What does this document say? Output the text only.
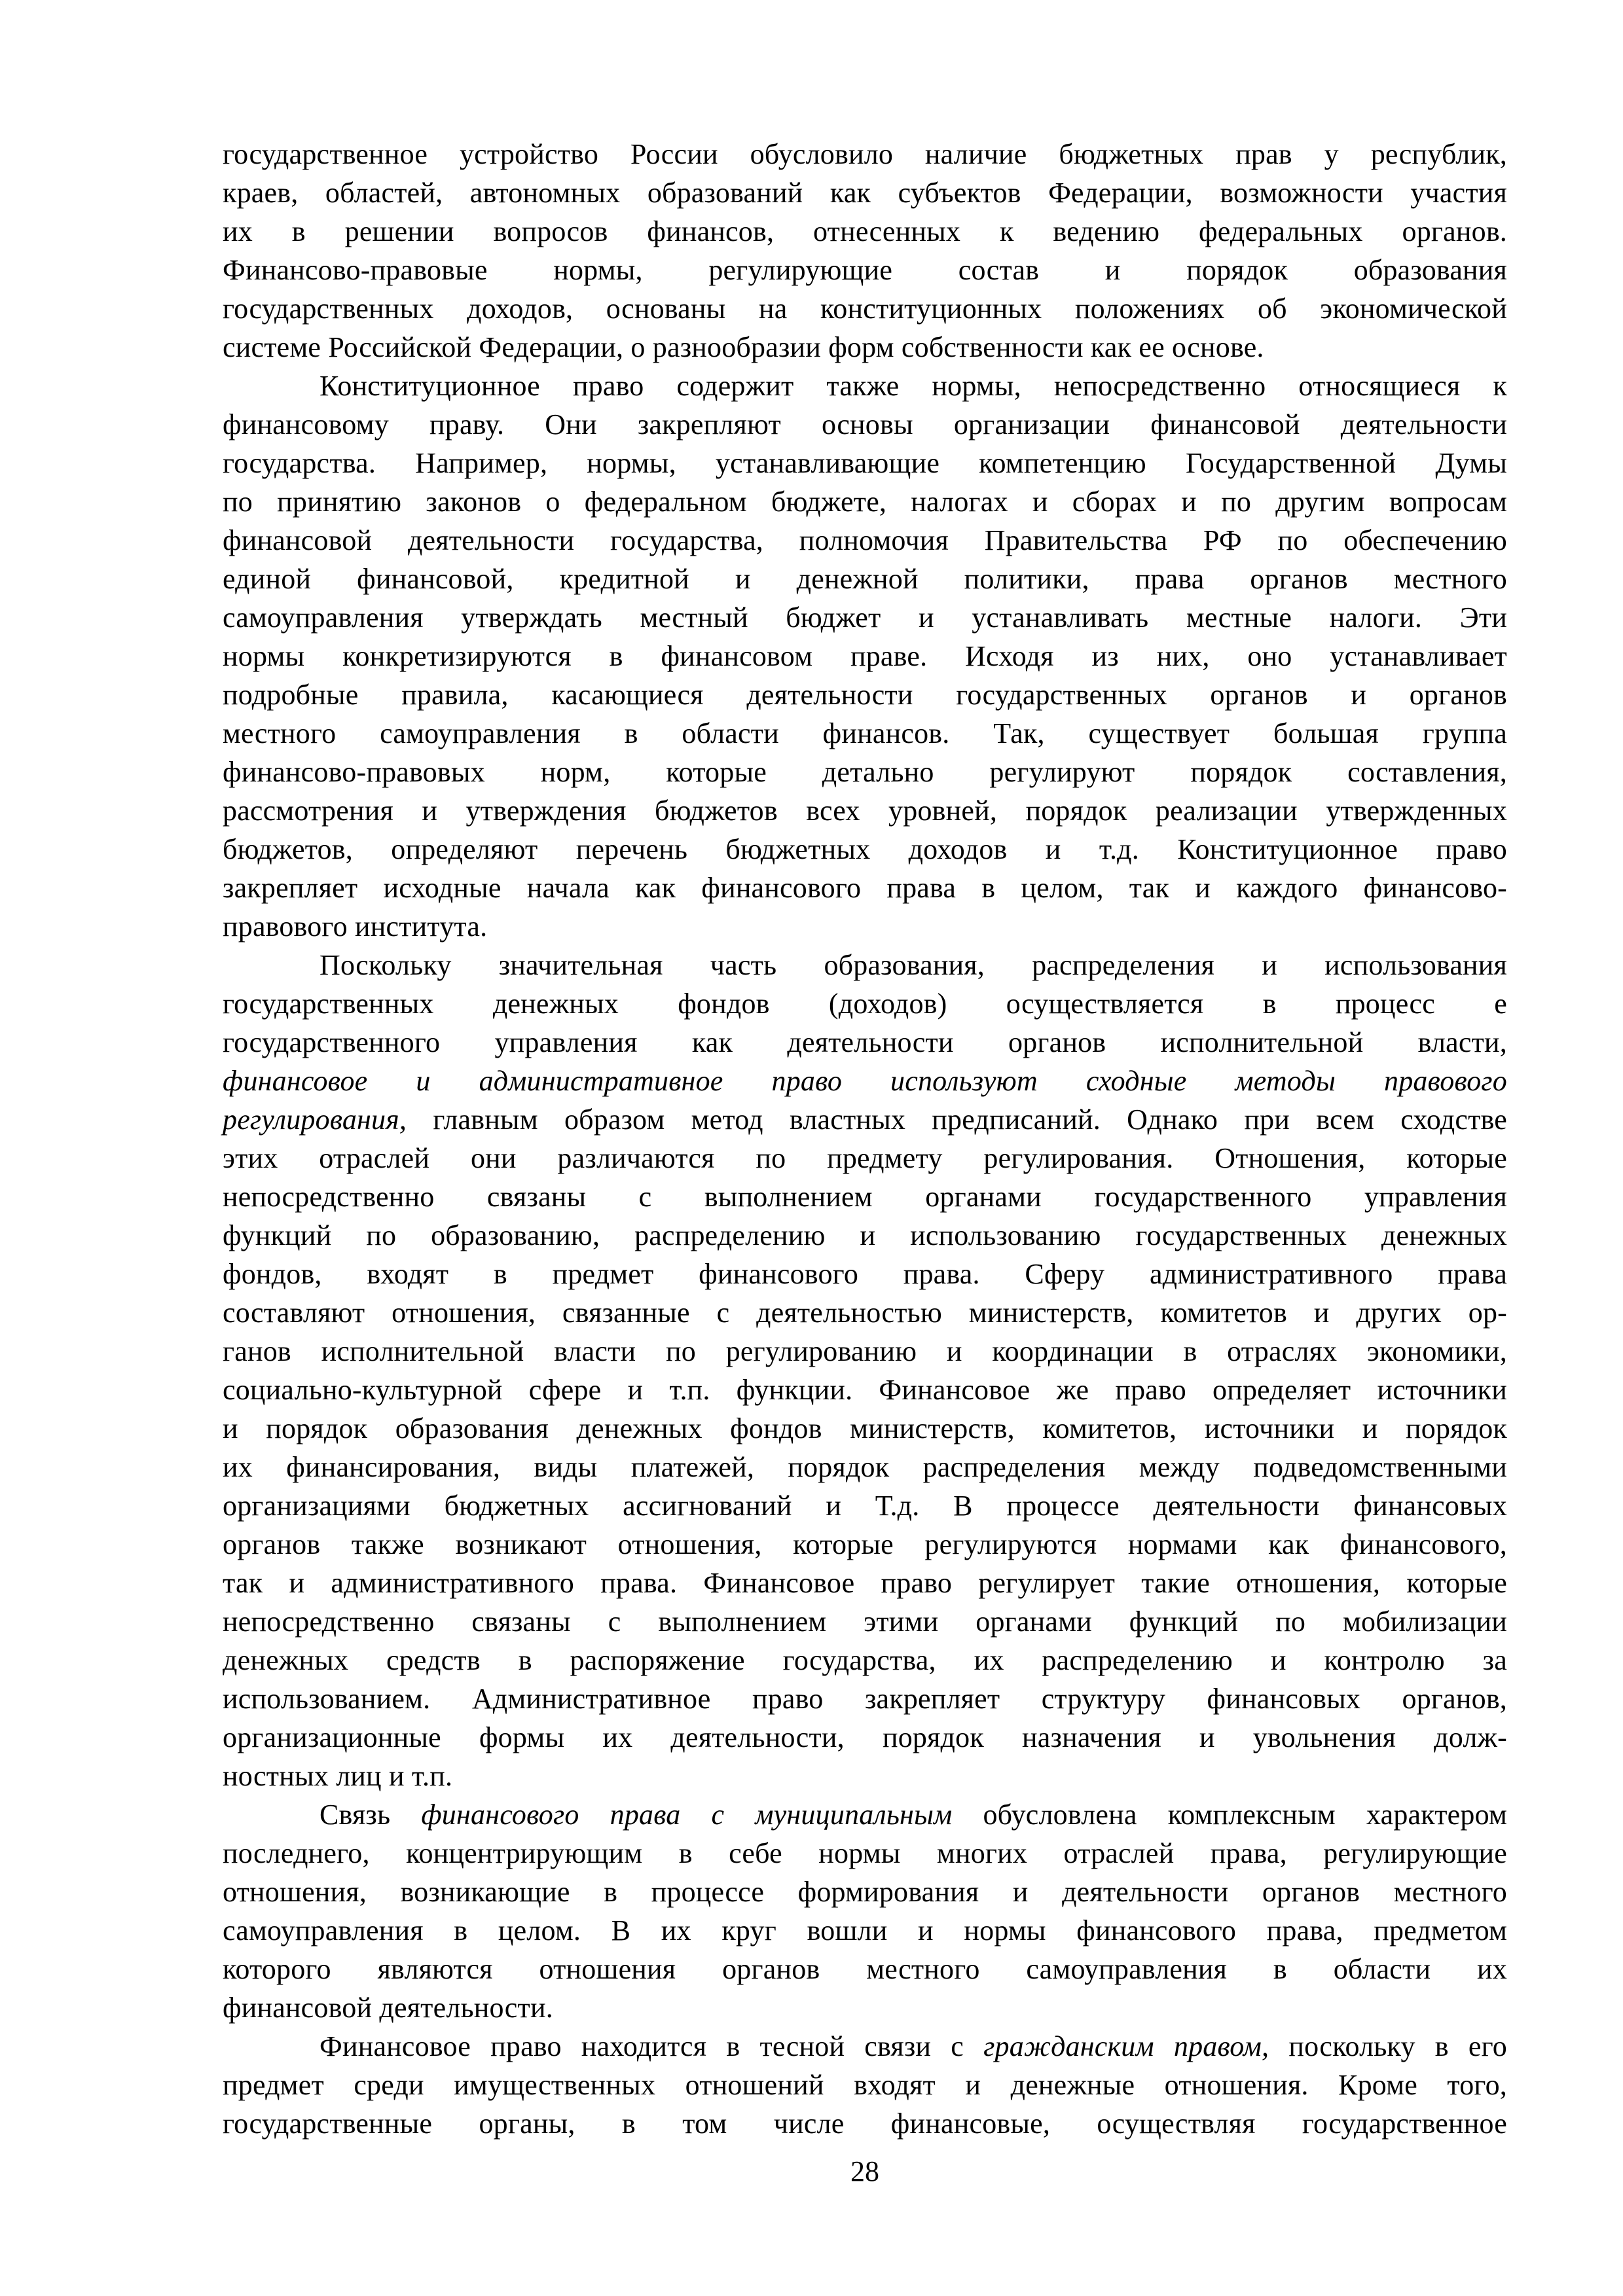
государственное устройство России обусловило наличие бюджетных прав у республик,
краев, областей, автономных образований как субъектов Федерации, возможности участия
их в решении вопросов финансов, отнесенных к ведению федеральных органов.
Финансово-правовые нормы, регулирующие состав и порядок образования
государственных доходов, основаны на конституционных положениях об экономической
системе Российской Федерации, о разнообразии форм собственности как ее основе.
Конституционное право содержит также нормы, непосредственно относящиеся к
финансовому праву. Они закрепляют основы организации финансовой деятельности
государства. Например, нормы, устанавливающие компетенцию Государственной Думы
по принятию законов о федеральном бюджете, налогах и сборах и по другим вопросам
финансовой деятельности государства, полномочия Правительства РФ по обеспечению
единой финансовой, кредитной и денежной политики, права органов местного
самоуправления утверждать местный бюджет и устанавливать местные налоги. Эти
нормы конкретизируются в финансовом праве. Исходя из них, оно устанавливает
подробные правила, касающиеся деятельности государственных органов и органов
местного самоуправления в области финансов. Так, существует большая группа
финансово-правовых норм, которые детально регулируют порядок составления,
рассмотрения и утверждения бюджетов всех уровней, порядок реализации утвержденных
бюджетов, определяют перечень бюджетных доходов и т.д. Конституционное право
закрепляет исходные начала как финансового права в целом, так и каждого финансово-
правового института.
Поскольку значительная часть образования, распределения и использования
государственных денежных фондов (доходов) осуществляется в процесс е
государственного управления как деятельности органов исполнительной власти,
финансовое и административное право используют сходные методы правового
регулирования, главным образом метод властных предписаний. Однако при всем сходстве
этих отраслей они различаются по предмету регулирования. Отношения, которые
непосредственно связаны с выполнением органами государственного управления
функций по образованию, распределению и использованию государственных денежных
фондов, входят в предмет финансового права. Сферу административного права
составляют отношения, связанные с деятельностью министерств, комитетов и других ор-
ганов исполнительной власти по регулированию и координации в отраслях экономики,
социально-культурной сфере и т.п. функции. Финансовое же право определяет источники
и порядок образования денежных фондов министерств, комитетов, источники и порядок
их финансирования, виды платежей, порядок распределения между подведомственными
организациями бюджетных ассигнований и Т.д. В процессе деятельности финансовых
органов также возникают отношения, которые регулируются нормами как финансового,
так и административного права. Финансовое право регулирует такие отношения, которые
непосредственно связаны с выполнением этими органами функций по мобилизации
денежных средств в распоряжение государства, их распределению и контролю за
использованием. Административное право закрепляет структуру финансовых органов,
организационные формы их деятельности, порядок назначения и увольнения долж-
ностных лиц и т.п.
Связь финансового права с муниципальным обусловлена комплексным характером
последнего, концентрирующим в себе нормы многих отраслей права, регулирующие
отношения, возникающие в процессе формирования и деятельности органов местного
самоуправления в целом. В их круг вошли и нормы финансового права, предметом
которого являются отношения органов местного самоуправления в области их
финансовой деятельности.
Финансовое право находится в тесной связи с гражданским правом, поскольку в его
предмет среди имущественных отношений входят и денежные отношения. Кроме того,
государственные органы, в том числе финансовые, осуществляя государственное
28
